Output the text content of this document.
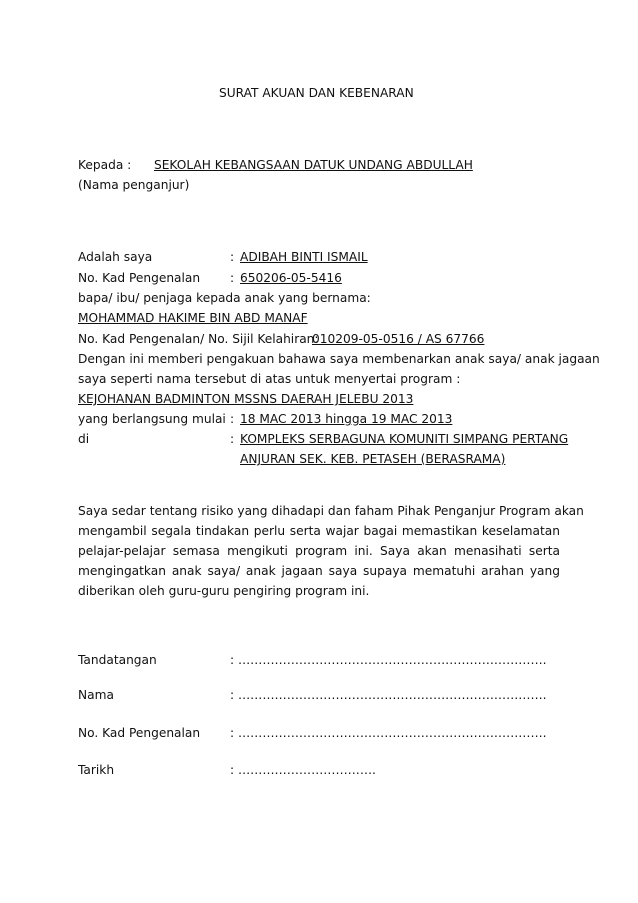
SURAT AKUAN DAN KEBENARAN
Kepada : SEKOLAH KEBANGSAAN DATUK UNDANG ABDULLAH
(Nama penganjur)
Adalah saya	: ADIBAH BINTI ISMAIL
No. Kad Pengenalan : 650206-05-5416
bapa/ ibu/ penjaga kepada anak yang bernama:
MOHAMMAD HAKIME BIN ABD MANAF
No. Kad Pengenalan/ No. Sijil Kelahiran:
010209-05-0516 / AS 67766
Dengan ini memberi pengakuan bahawa saya membenarkan anak saya/ anak jagaan
saya seperti nama tersebut di atas untuk menyertai program :
KEJOHANAN BADMINTON MSSNS DAERAH JELEBU 2013
yang berlangsung mulai : 18 MAC 2013 hingga 19 MAC 2013
di	: KOMPLEKS SERBAGUNA KOMUNITI SIMPANG PERTANG
ANJURAN SEK. KEB. PETASEH (BERASRAMA)
Saya sedar tentang risiko yang dihadapi dan faham Pihak Penganjur Program akan
mengambil segala tindakan perlu serta wajar bagai memastikan keselamatan
pelajar-pelajar semasa mengikuti program ini. Saya akan menasihati serta
mengingatkan anak saya/ anak jagaan saya supaya mematuhi arahan yang
diberikan oleh guru-guru pengiring program ini.
Tandatangan	: ………………………………………………………………….
Nama	: ………………………………………………………………….
No. Kad Pengenalan : ………………………………………………………………….
Tarikh	: …………………………….
